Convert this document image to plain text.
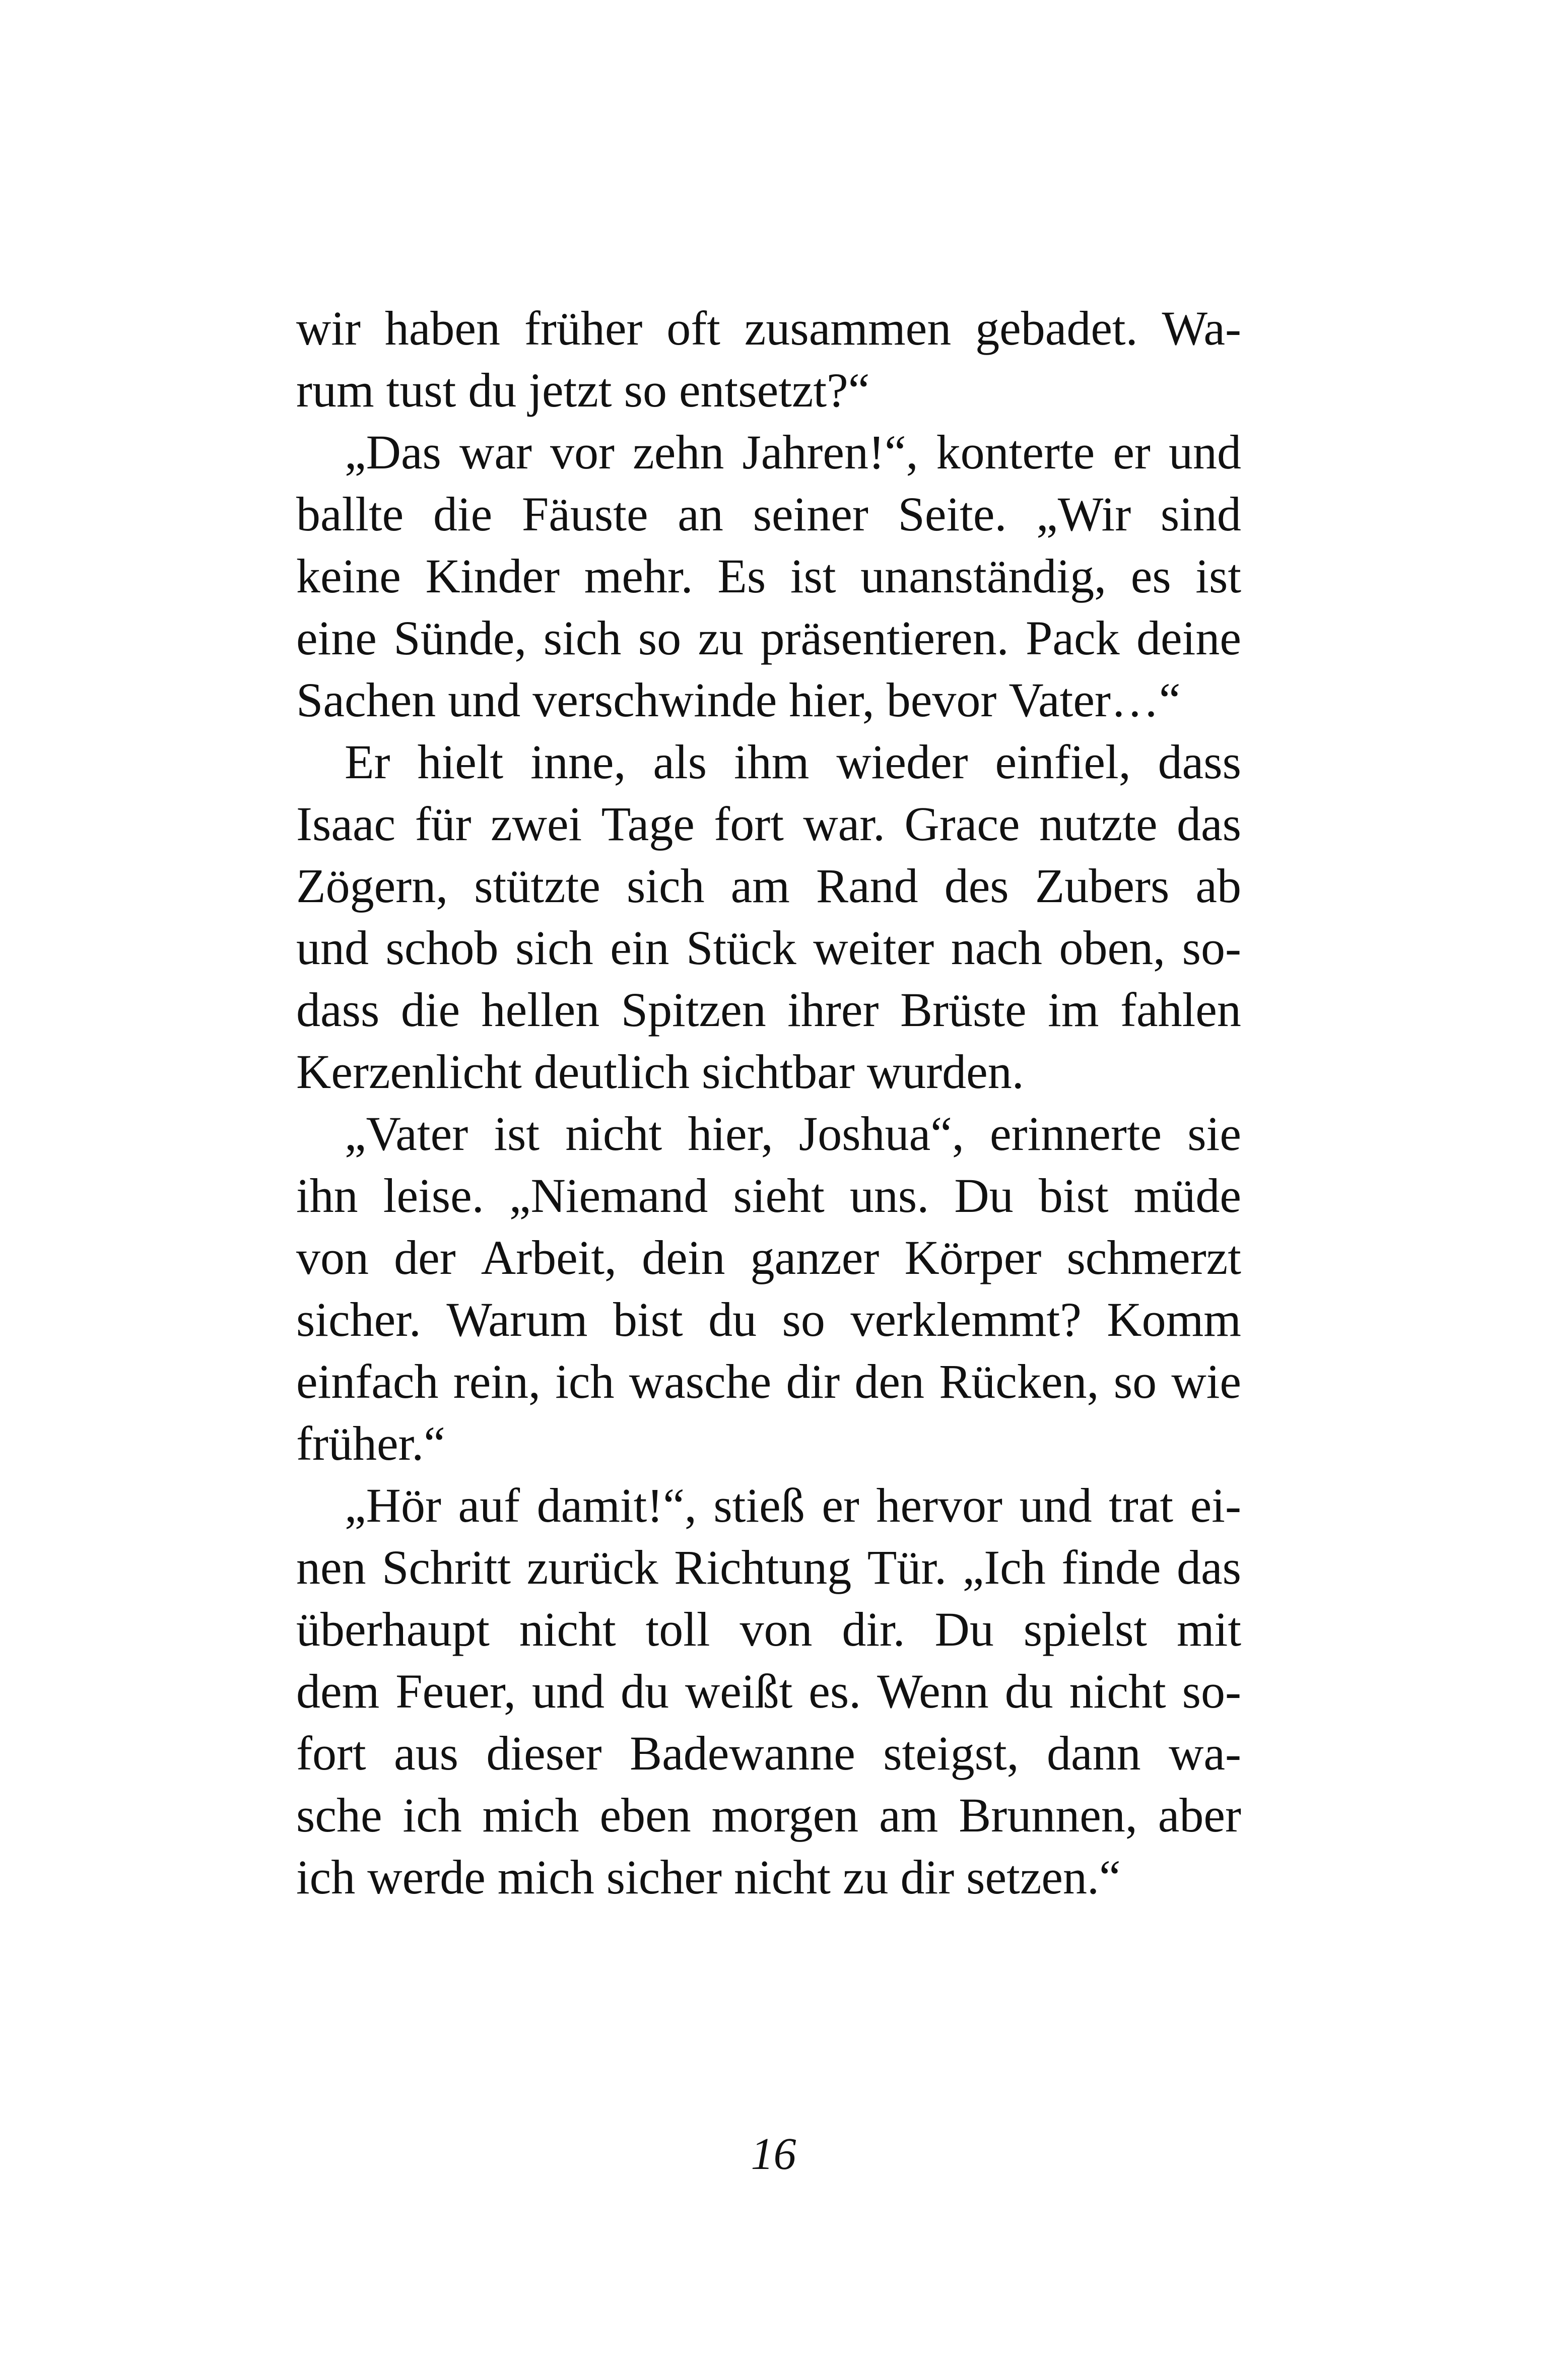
wir haben früher oft zusammen gebadet. Wa-
rum tust du jetzt so entsetzt?“
„Das war vor zehn Jahren!“, konterte er und
ballte die Fäuste an seiner Seite. „Wir sind
keine Kinder mehr. Es ist unanständig, es ist
eine Sünde, sich so zu präsentieren. Pack deine
Sachen und verschwinde hier, bevor Vater…“
Er hielt inne, als ihm wieder einfiel, dass
Isaac für zwei Tage fort war. Grace nutzte das
Zögern, stützte sich am Rand des Zubers ab
und schob sich ein Stück weiter nach oben, so-
dass die hellen Spitzen ihrer Brüste im fahlen
Kerzenlicht deutlich sichtbar wurden.
„Vater ist nicht hier, Joshua“, erinnerte sie
ihn leise. „Niemand sieht uns. Du bist müde
von der Arbeit, dein ganzer Körper schmerzt
sicher. Warum bist du so verklemmt? Komm
einfach rein, ich wasche dir den Rücken, so wie
früher.“
„Hör auf damit!“, stieß er hervor und trat ei-
nen Schritt zurück Richtung Tür. „Ich finde das
überhaupt nicht toll von dir. Du spielst mit
dem Feuer, und du weißt es. Wenn du nicht so-
fort aus dieser Badewanne steigst, dann wa-
sche ich mich eben morgen am Brunnen, aber
ich werde mich sicher nicht zu dir setzen.“
16
